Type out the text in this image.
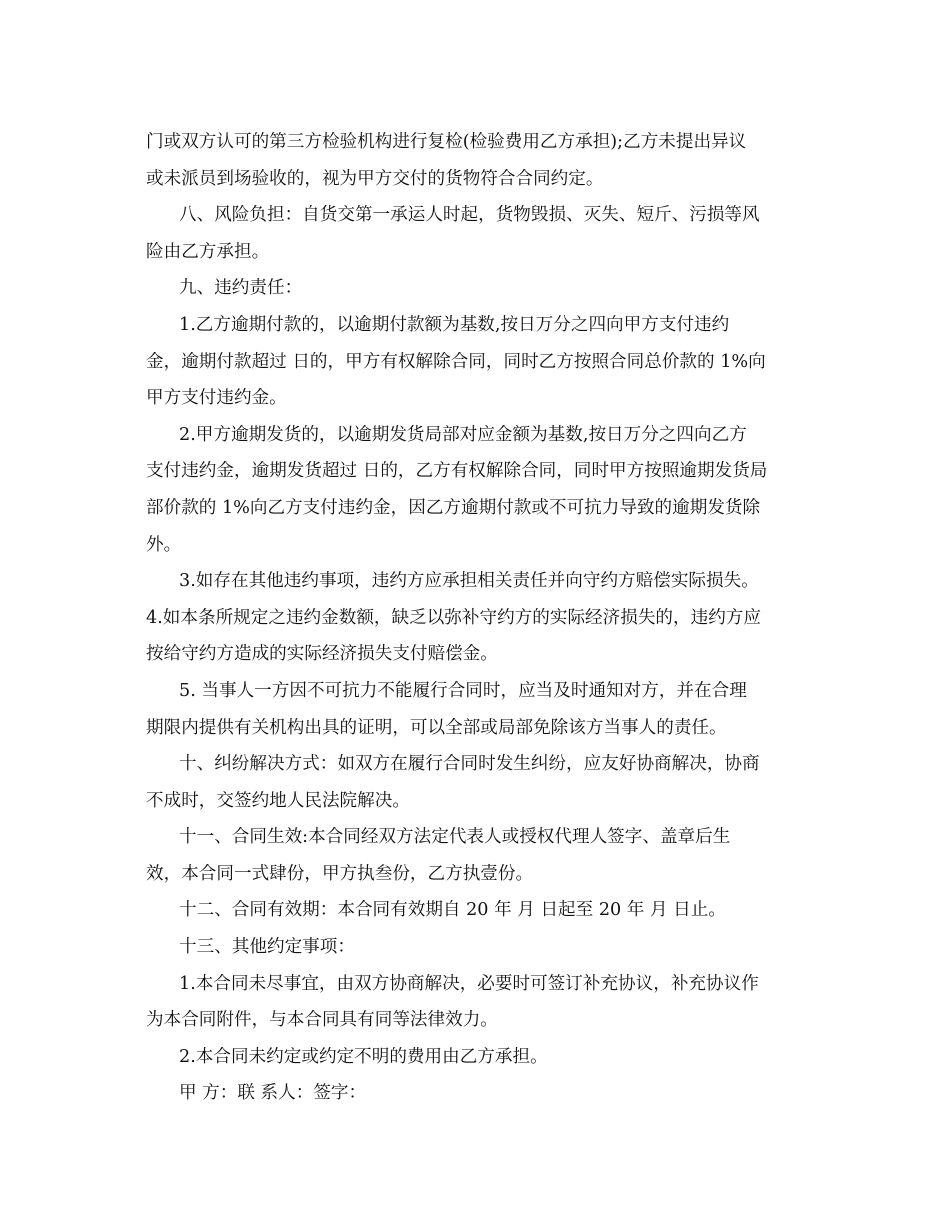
门或双方认可的第三方检验机构进行复检(检验费用乙方承担);乙方未提出异议

或未派员到场验收的，视为甲方交付的货物符合合同约定。

八、风险负担：自货交第一承运人时起，货物毁损、灭失、短斤、污损等风

险由乙方承担。

九、违约责任：

1.乙方逾期付款的，以逾期付款额为基数,按日万分之四向甲方支付违约

金，逾期付款超过 日的，甲方有权解除合同，同时乙方按照合同总价款的 1%向

甲方支付违约金。

2.甲方逾期发货的，以逾期发货局部对应金额为基数,按日万分之四向乙方

支付违约金，逾期发货超过 日的，乙方有权解除合同，同时甲方按照逾期发货局

部价款的 1%向乙方支付违约金，因乙方逾期付款或不可抗力导致的逾期发货除

外。

3.如存在其他违约事项，违约方应承担相关责任并向守约方赔偿实际损失。

4.如本条所规定之违约金数额，缺乏以弥补守约方的实际经济损失的，违约方应

按给守约方造成的实际经济损失支付赔偿金。

5. 当事人一方因不可抗力不能履行合同时，应当及时通知对方，并在合理

期限内提供有关机构出具的证明，可以全部或局部免除该方当事人的责任。

十、纠纷解决方式：如双方在履行合同时发生纠纷，应友好协商解决，协商

不成时，交签约地人民法院解决。

十一、合同生效:本合同经双方法定代表人或授权代理人签字、盖章后生

效，本合同一式肆份，甲方执叁份，乙方执壹份。

十二、合同有效期：本合同有效期自 20 年 月 日起至 20 年 月 日止。

十三、其他约定事项：

1.本合同未尽事宜，由双方协商解决，必要时可签订补充协议，补充协议作

为本合同附件，与本合同具有同等法律效力。

2.本合同未约定或约定不明的费用由乙方承担。

甲 方：联 系人：签字：
